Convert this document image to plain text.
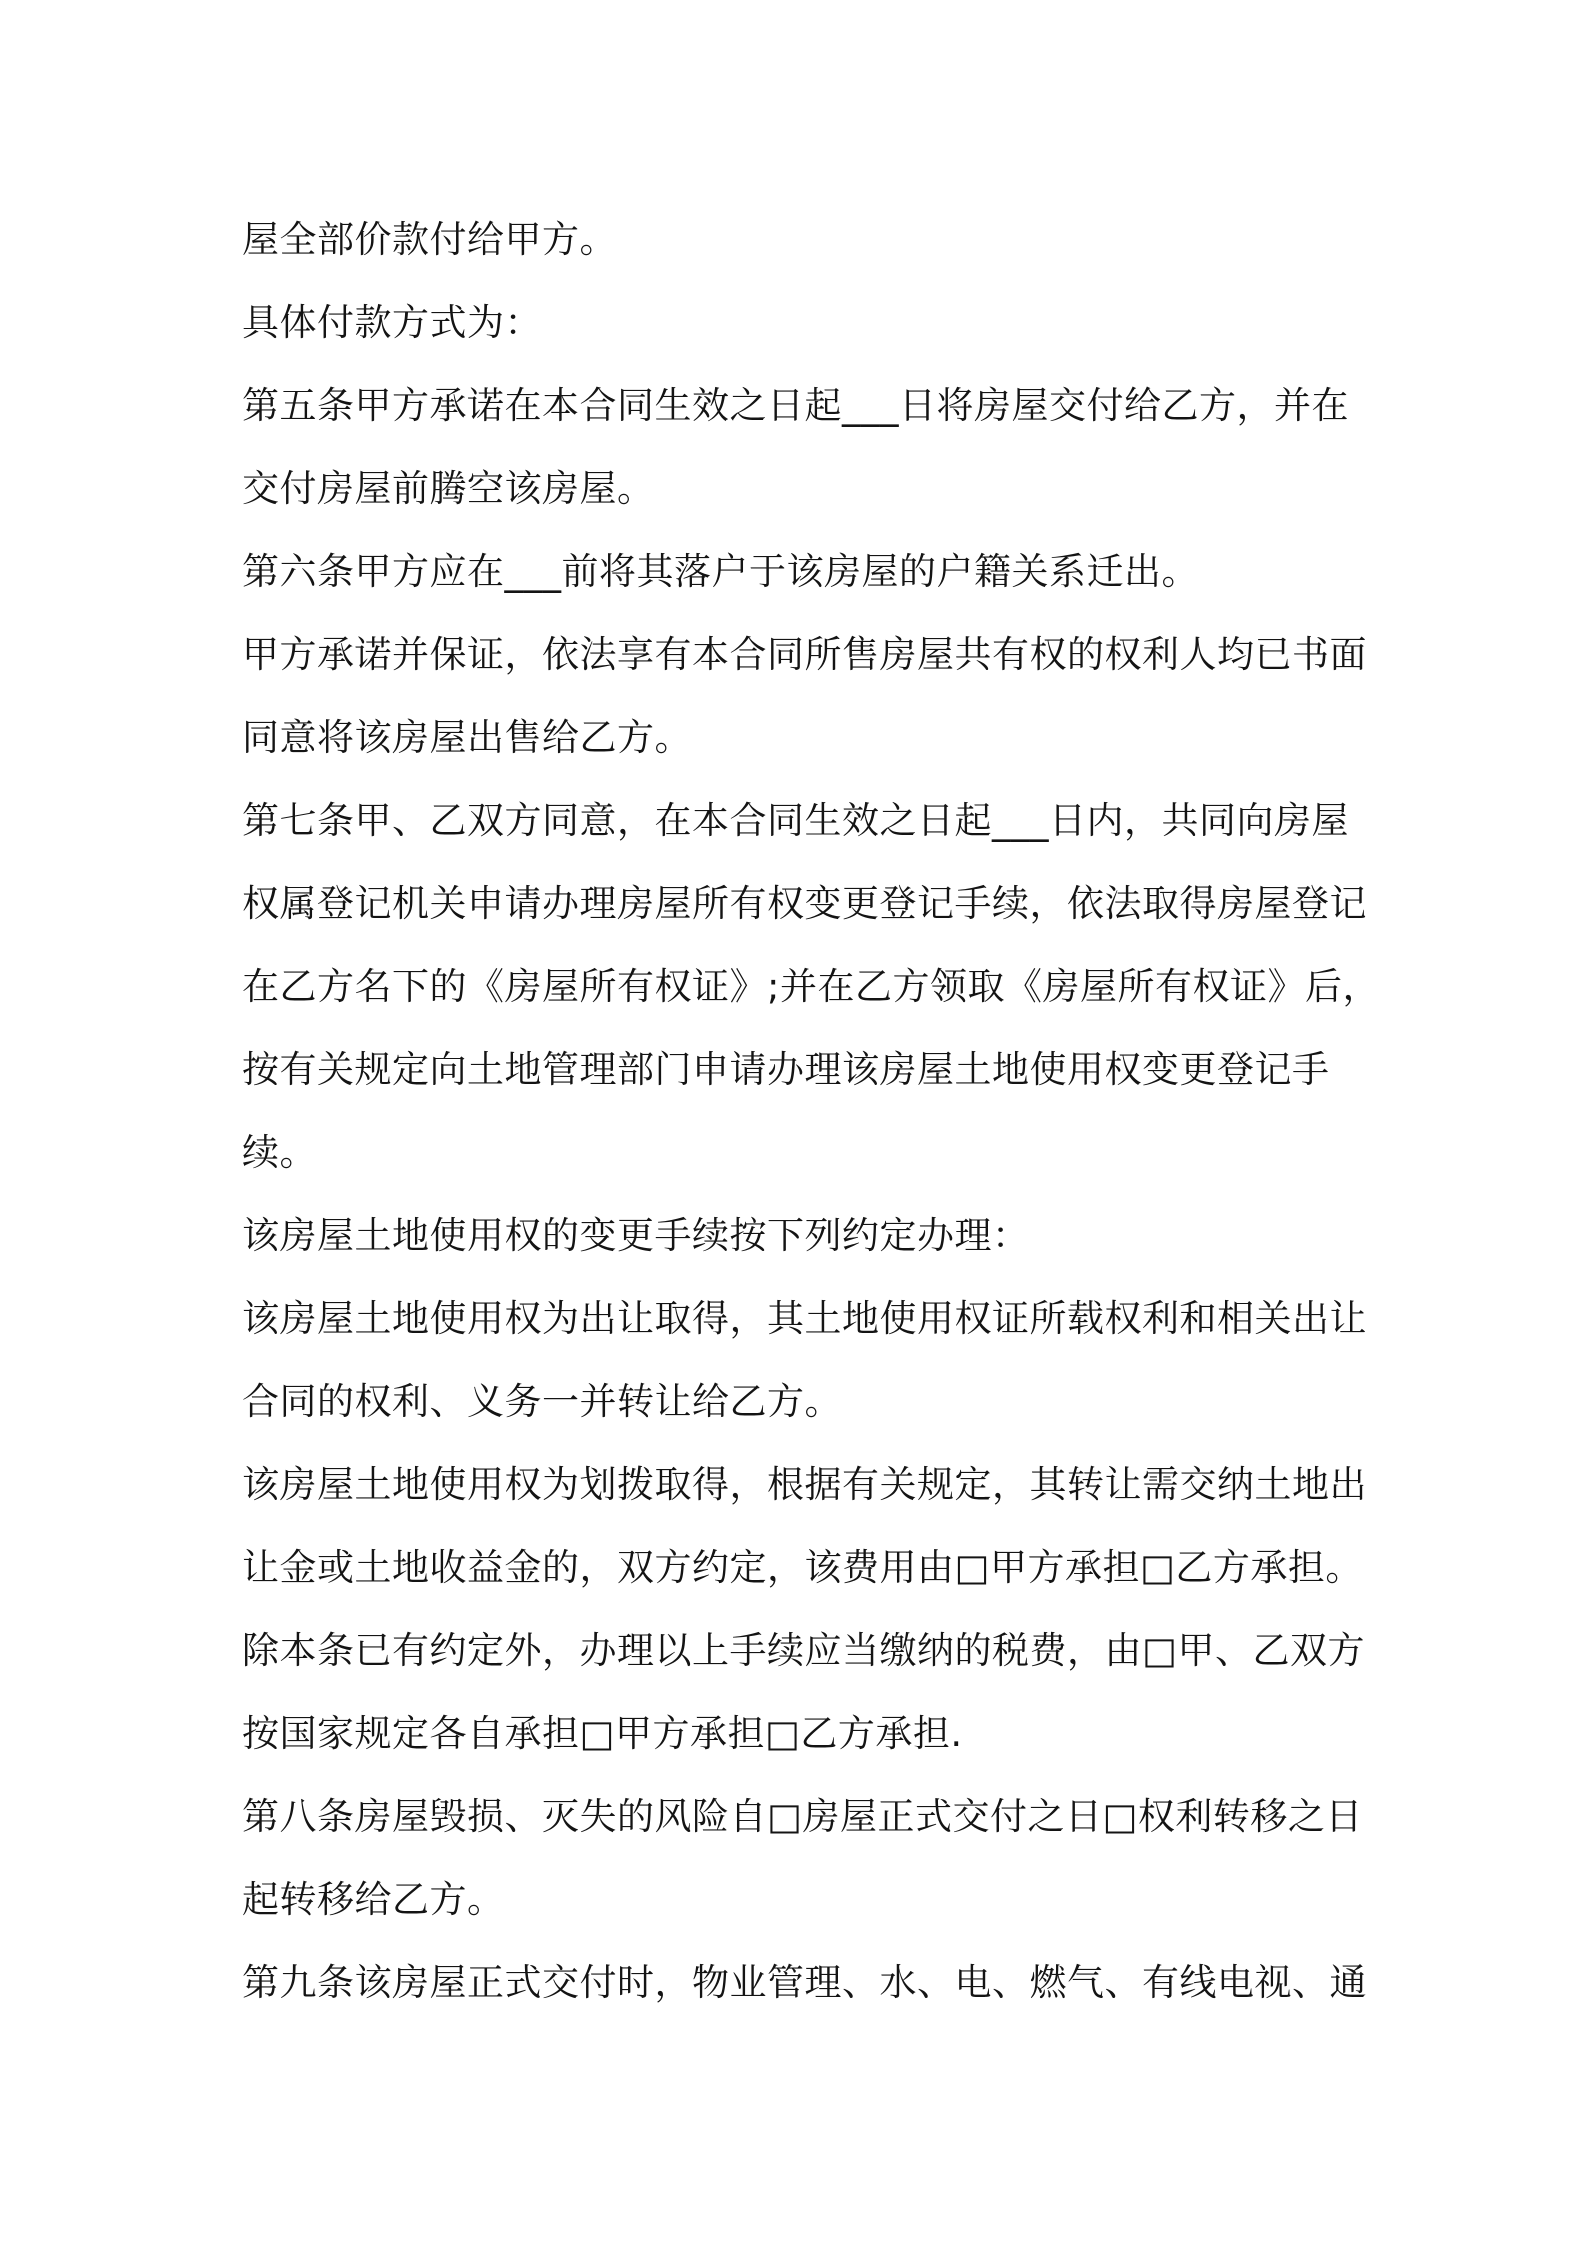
屋全部价款付给甲方。
具体付款方式为：
第五条甲方承诺在本合同生效之日起___日将房屋交付给乙方，并在
交付房屋前腾空该房屋。
第六条甲方应在___前将其落户于该房屋的户籍关系迁出。
甲方承诺并保证，依法享有本合同所售房屋共有权的权利人均已书面
同意将该房屋出售给乙方。
第七条甲、乙双方同意，在本合同生效之日起___日内，共同向房屋
权属登记机关申请办理房屋所有权变更登记手续，依法取得房屋登记
在乙方名下的《房屋所有权证》;并在乙方领取《房屋所有权证》后，
按有关规定向土地管理部门申请办理该房屋土地使用权变更登记手
续。
该房屋土地使用权的变更手续按下列约定办理：
该房屋土地使用权为出让取得，其土地使用权证所载权利和相关出让
合同的权利、义务一并转让给乙方。
该房屋土地使用权为划拨取得，根据有关规定，其转让需交纳土地出
让金或土地收益金的，双方约定，该费用由□甲方承担□乙方承担。
除本条已有约定外，办理以上手续应当缴纳的税费，由□甲、乙双方
按国家规定各自承担□甲方承担□乙方承担.
第八条房屋毁损、灭失的风险自□房屋正式交付之日□权利转移之日
起转移给乙方。
第九条该房屋正式交付时，物业管理、水、电、燃气、有线电视、通
